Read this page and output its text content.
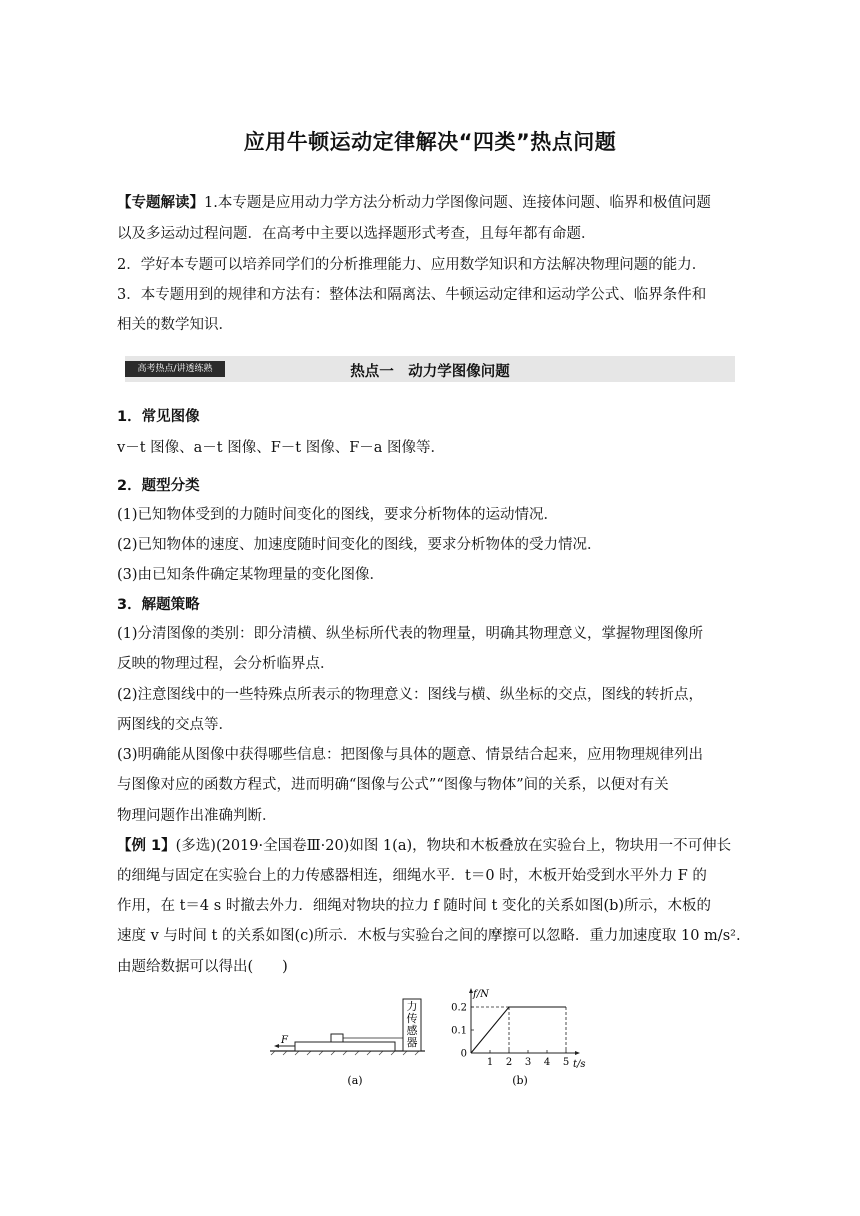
应用牛顿运动定律解决“四类”热点问题
【专题解读】1.本专题是应用动力学方法分析动力学图像问题、连接体问题、临界和极值问题
以及多运动过程问题．在高考中主要以选择题形式考查，且每年都有命题．
2．学好本专题可以培养同学们的分析推理能力、应用数学知识和方法解决物理问题的能力．
3．本专题用到的规律和方法有：整体法和隔离法、牛顿运动定律和运动学公式、临界条件和
相关的数学知识．
高考热点/讲透练熟	热点一　动力学图像问题
1．常见图像
v－t 图像、a－t 图像、F－t 图像、F－a 图像等．
2．题型分类
(1)已知物体受到的力随时间变化的图线，要求分析物体的运动情况．
(2)已知物体的速度、加速度随时间变化的图线，要求分析物体的受力情况．
(3)由已知条件确定某物理量的变化图像．
3．解题策略
(1)分清图像的类别：即分清横、纵坐标所代表的物理量，明确其物理意义，掌握物理图像所
反映的物理过程，会分析临界点．
(2)注意图线中的一些特殊点所表示的物理意义：图线与横、纵坐标的交点，图线的转折点，
两图线的交点等．
(3)明确能从图像中获得哪些信息：把图像与具体的题意、情景结合起来，应用物理规律列出
与图像对应的函数方程式，进而明确“图像与公式”“图像与物体”间的关系，以便对有关
物理问题作出准确判断．
【例 1】(多选)(2019·全国卷Ⅲ·20)如图 1(a)，物块和木板叠放在实验台上，物块用一不可伸长
的细绳与固定在实验台上的力传感器相连，细绳水平．t＝0 时，木板开始受到水平外力 F 的
作用，在 t＝4 s 时撤去外力．细绳对物块的拉力 f 随时间 t 变化的关系如图(b)所示，木板的
速度 v 与时间 t 的关系如图(c)所示．木板与实验台之间的摩擦可以忽略．重力加速度取 10 m/s².
由题给数据可以得出(　　)
力
传
感
器
F
(a)
f/N
t/s
0.2
0.1
0
1 2 3 4 5
(b)
